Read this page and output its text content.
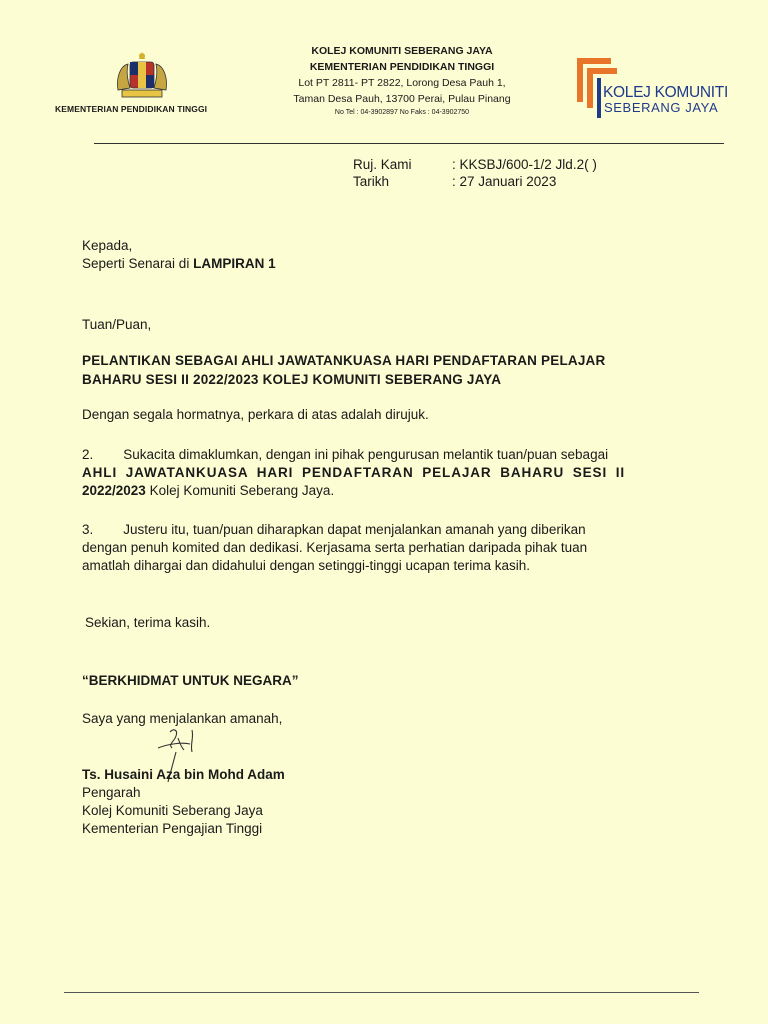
KEMENTERIAN PENDIDIKAN TINGGI
KOLEJ KOMUNITI SEBERANG JAYA
KEMENTERIAN PENDIDIKAN TINGGI
Lot PT 2811- PT 2822, Lorong Desa Pauh 1,
Taman Desa Pauh, 13700 Perai, Pulau Pinang
No Tel : 04-3902897 No Faks : 04-3902750
KOLEJ KOMUNITI
SEBERANG JAYA
Ruj. Kami	: KKSBJ/600-1/2 Jld.2( )
Tarikh	: 27 Januari 2023
Kepada,
Seperti Senarai di LAMPIRAN 1
Tuan/Puan,
PELANTIKAN SEBAGAI AHLI JAWATANKUASA HARI PENDAFTARAN PELAJAR
BAHARU SESI II 2022/2023 KOLEJ KOMUNITI SEBERANG JAYA
Dengan segala hormatnya, perkara di atas adalah dirujuk.
2.        Sukacita dimaklumkan, dengan ini pihak pengurusan melantik tuan/puan sebagai
AHLI JAWATANKUASA HARI PENDAFTARAN PELAJAR BAHARU SESI II
2022/2023 Kolej Komuniti Seberang Jaya.
3.        Justeru itu, tuan/puan diharapkan dapat menjalankan amanah yang diberikan
dengan penuh komited dan dedikasi. Kerjasama serta perhatian daripada pihak tuan
amatlah dihargai dan didahului dengan setinggi-tinggi ucapan terima kasih.
Sekian, terima kasih.
“BERKHIDMAT UNTUK NEGARA”
Saya yang menjalankan amanah,
Ts. Husaini Aza bin Mohd Adam
Pengarah
Kolej Komuniti Seberang Jaya
Kementerian Pengajian Tinggi
